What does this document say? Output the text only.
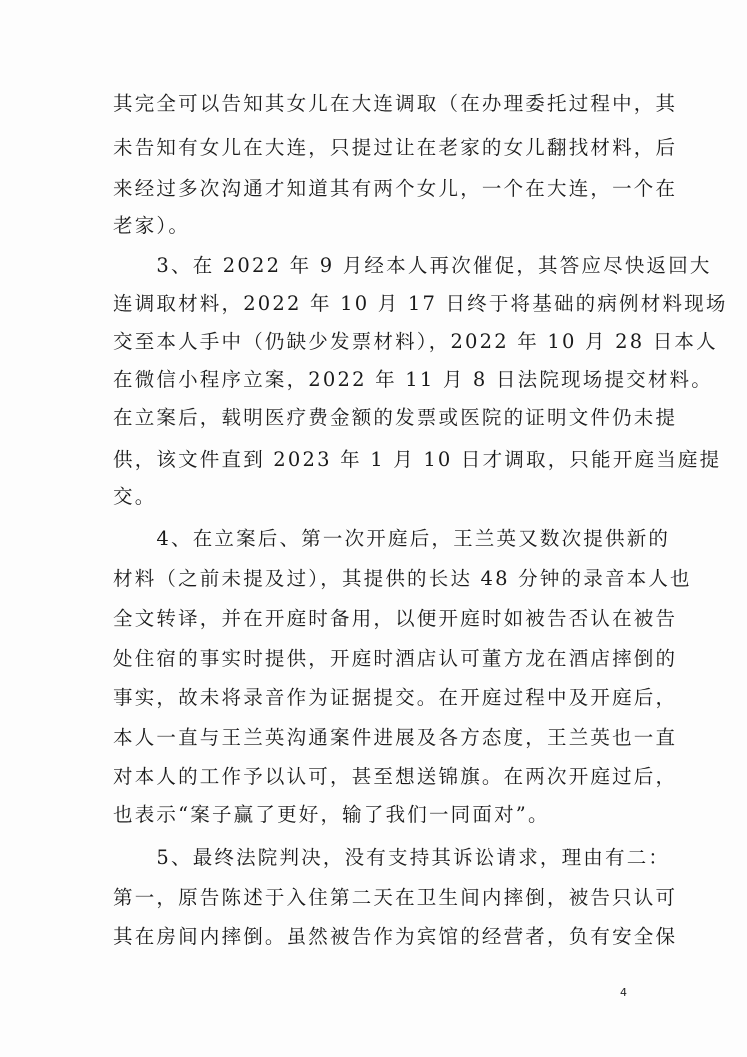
其完全可以告知其女儿在大连调取（在办理委托过程中，其
未告知有女儿在大连，只提过让在老家的女儿翻找材料，后
来经过多次沟通才知道其有两个女儿，一个在大连，一个在
老家）。
　　3、在 2022 年 9 月经本人再次催促，其答应尽快返回大
连调取材料，2022 年 10 月 17 日终于将基础的病例材料现场
交至本人手中（仍缺少发票材料），2022 年 10 月 28 日本人
在微信小程序立案，2022 年 11 月 8 日法院现场提交材料。
在立案后，载明医疗费金额的发票或医院的证明文件仍未提
供，该文件直到 2023 年 1 月 10 日才调取，只能开庭当庭提
交。
　　4、在立案后、第一次开庭后，王兰英又数次提供新的
材料（之前未提及过），其提供的长达 48 分钟的录音本人也
全文转译，并在开庭时备用，以便开庭时如被告否认在被告
处住宿的事实时提供，开庭时酒店认可董方龙在酒店摔倒的
事实，故未将录音作为证据提交。在开庭过程中及开庭后，
本人一直与王兰英沟通案件进展及各方态度，王兰英也一直
对本人的工作予以认可，甚至想送锦旗。在两次开庭过后，
也表示“案子赢了更好，输了我们一同面对”。
　　5、最终法院判决，没有支持其诉讼请求，理由有二：
第一，原告陈述于入住第二天在卫生间内摔倒，被告只认可
其在房间内摔倒。虽然被告作为宾馆的经营者，负有安全保
4
